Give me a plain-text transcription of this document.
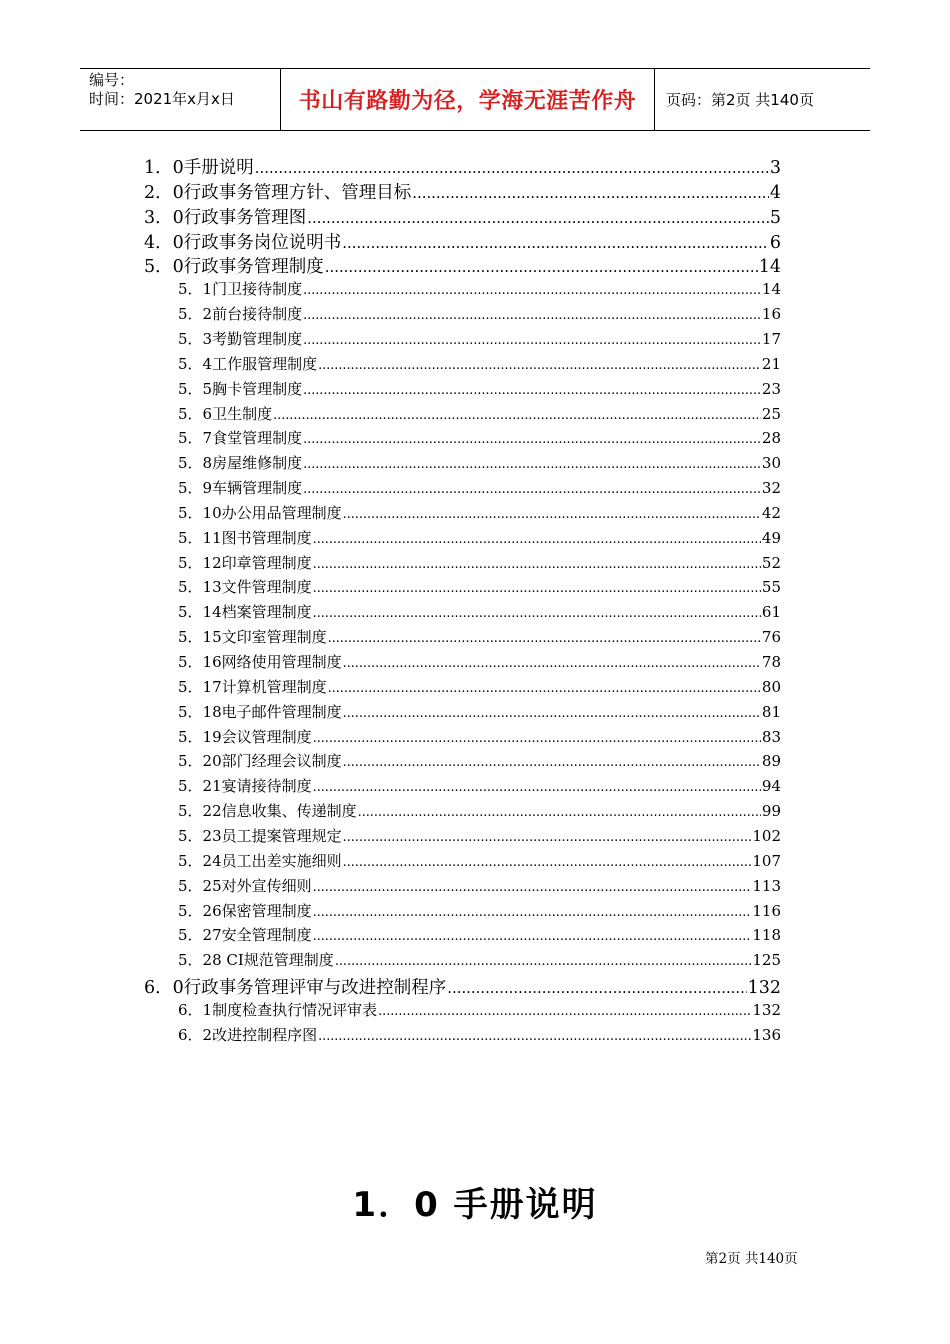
编号：
时间：2021年x月x日	书山有路勤为径，学海无涯苦作舟	页码：第2页 共140页
1．0手册说明 .....	3
2．0行政事务管理方针、管理目标 .....	4
3．0行政事务管理图 .....	5
4．0行政事务岗位说明书 .....	6
5．0行政事务管理制度 .....	14
5．1门卫接待制度 .....	14
5．2前台接待制度 .....	16
5．3考勤管理制度 .....	17
5．4工作服管理制度 .....	21
5．5胸卡管理制度 .....	23
5．6卫生制度 .....	25
5．7食堂管理制度 .....	28
5．8房屋维修制度 .....	30
5．9车辆管理制度 .....	32
5．10办公用品管理制度 .....	42
5．11图书管理制度 .....	49
5．12印章管理制度 .....	52
5．13文件管理制度 .....	55
5．14档案管理制度 .....	61
5．15文印室管理制度 .....	76
5．16网络使用管理制度 .....	78
5．17计算机管理制度 .....	80
5．18电子邮件管理制度 .....	81
5．19会议管理制度 .....	83
5．20部门经理会议制度 .....	89
5．21宴请接待制度 .....	94
5．22信息收集、传递制度 .....	99
5．23员工提案管理规定 .....	102
5．24员工出差实施细则 .....	107
5．25对外宣传细则 .....	113
5．26保密管理制度 .....	116
5．27安全管理制度 .....	118
5．28 CI规范管理制度 .....	125
6．0行政事务管理评审与改进控制程序 .....	132
6．1制度检查执行情况评审表 .....	132
6．2改进控制程序图 .....	136
1．0 手册说明
第2页 共140页
